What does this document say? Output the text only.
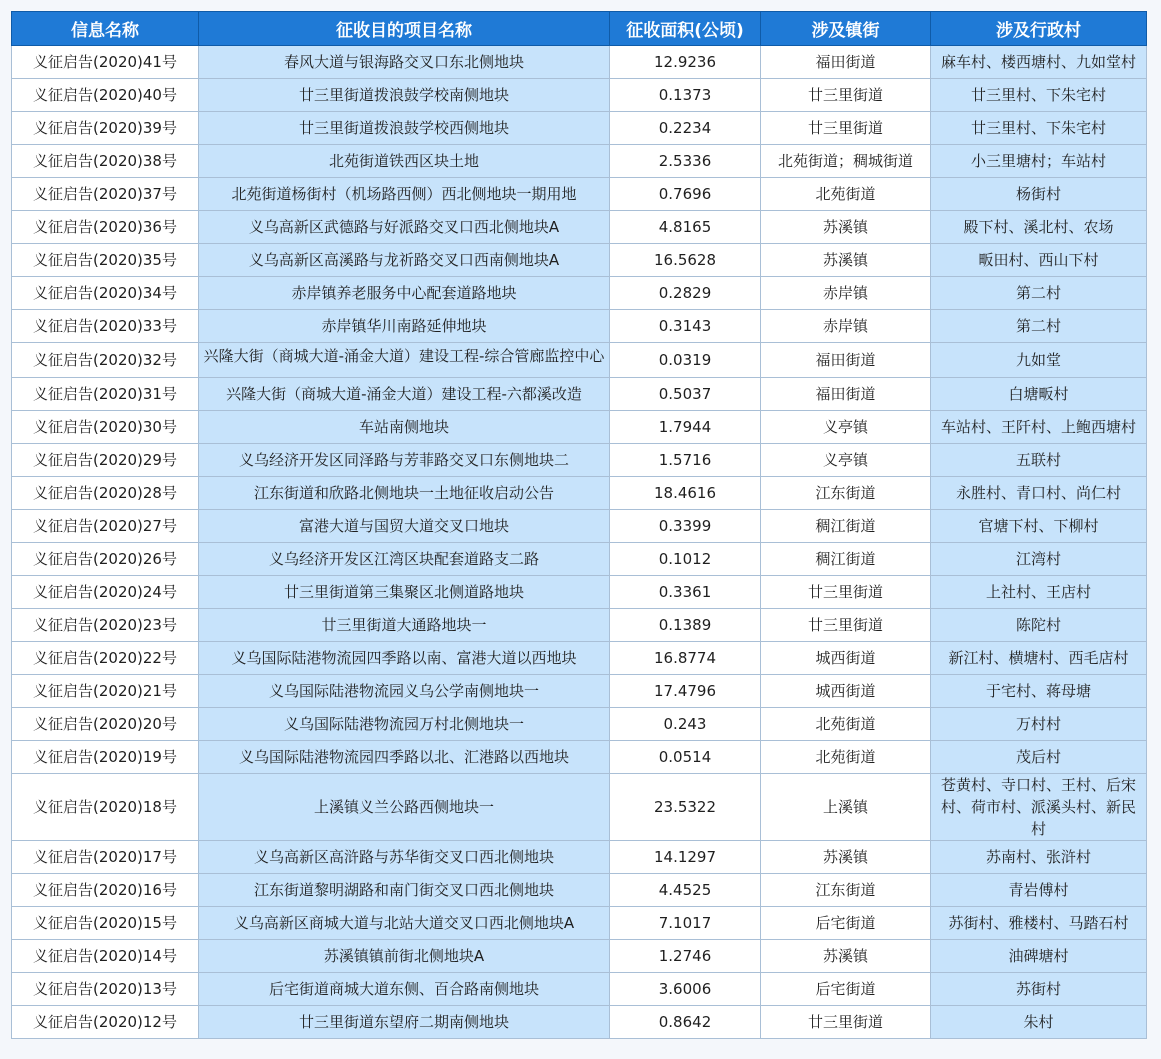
信息名称	征收目的项目名称	征收面积(公顷)	涉及镇街	涉及行政村
义征启告(2020)41号	春风大道与银海路交叉口东北侧地块	12.9236	福田街道	麻车村、楼西塘村、九如堂村
义征启告(2020)40号	廿三里街道拨浪鼓学校南侧地块	0.1373	廿三里街道	廿三里村、下朱宅村
义征启告(2020)39号	廿三里街道拨浪鼓学校西侧地块	0.2234	廿三里街道	廿三里村、下朱宅村
义征启告(2020)38号	北苑街道铁西区块土地	2.5336	北苑街道；稠城街道	小三里塘村；车站村
义征启告(2020)37号	北苑街道杨街村（机场路西侧）西北侧地块一期用地	0.7696	北苑街道	杨街村
义征启告(2020)36号	义乌高新区武德路与好派路交叉口西北侧地块A	4.8165	苏溪镇	殿下村、溪北村、农场
义征启告(2020)35号	义乌高新区高溪路与龙祈路交叉口西南侧地块A	16.5628	苏溪镇	畈田村、西山下村
义征启告(2020)34号	赤岸镇养老服务中心配套道路地块	0.2829	赤岸镇	第二村
义征启告(2020)33号	赤岸镇华川南路延伸地块	0.3143	赤岸镇	第二村
义征启告(2020)32号	兴隆大街（商城大道-涌金大道）建设工程-综合管廊监控中心	0.0319	福田街道	九如堂
义征启告(2020)31号	兴隆大街（商城大道-涌金大道）建设工程-六都溪改造	0.5037	福田街道	白塘畈村
义征启告(2020)30号	车站南侧地块	1.7944	义亭镇	车站村、王阡村、上鲍西塘村
义征启告(2020)29号	义乌经济开发区同泽路与芳菲路交叉口东侧地块二	1.5716	义亭镇	五联村
义征启告(2020)28号	江东街道和欣路北侧地块一土地征收启动公告	18.4616	江东街道	永胜村、青口村、尚仁村
义征启告(2020)27号	富港大道与国贸大道交叉口地块	0.3399	稠江街道	官塘下村、下柳村
义征启告(2020)26号	义乌经济开发区江湾区块配套道路支二路	0.1012	稠江街道	江湾村
义征启告(2020)24号	廿三里街道第三集聚区北侧道路地块	0.3361	廿三里街道	上社村、王店村
义征启告(2020)23号	廿三里街道大通路地块一	0.1389	廿三里街道	陈陀村
义征启告(2020)22号	义乌国际陆港物流园四季路以南、富港大道以西地块	16.8774	城西街道	新江村、横塘村、西毛店村
义征启告(2020)21号	义乌国际陆港物流园义乌公学南侧地块一	17.4796	城西街道	于宅村、蒋母塘
义征启告(2020)20号	义乌国际陆港物流园万村北侧地块一	0.243	北苑街道	万村村
义征启告(2020)19号	义乌国际陆港物流园四季路以北、汇港路以西地块	0.0514	北苑街道	茂后村
义征启告(2020)18号	上溪镇义兰公路西侧地块一	23.5322	上溪镇	苍黄村、寺口村、王村、后宋村、荷市村、派溪头村、新民村
义征启告(2020)17号	义乌高新区高浒路与苏华街交叉口西北侧地块	14.1297	苏溪镇	苏南村、张浒村
义征启告(2020)16号	江东街道黎明湖路和南门街交叉口西北侧地块	4.4525	江东街道	青岩傅村
义征启告(2020)15号	义乌高新区商城大道与北站大道交叉口西北侧地块A	7.1017	后宅街道	苏街村、雅楼村、马踏石村
义征启告(2020)14号	苏溪镇镇前街北侧地块A	1.2746	苏溪镇	油碑塘村
义征启告(2020)13号	后宅街道商城大道东侧、百合路南侧地块	3.6006	后宅街道	苏街村
义征启告(2020)12号	廿三里街道东望府二期南侧地块	0.8642	廿三里街道	朱村
